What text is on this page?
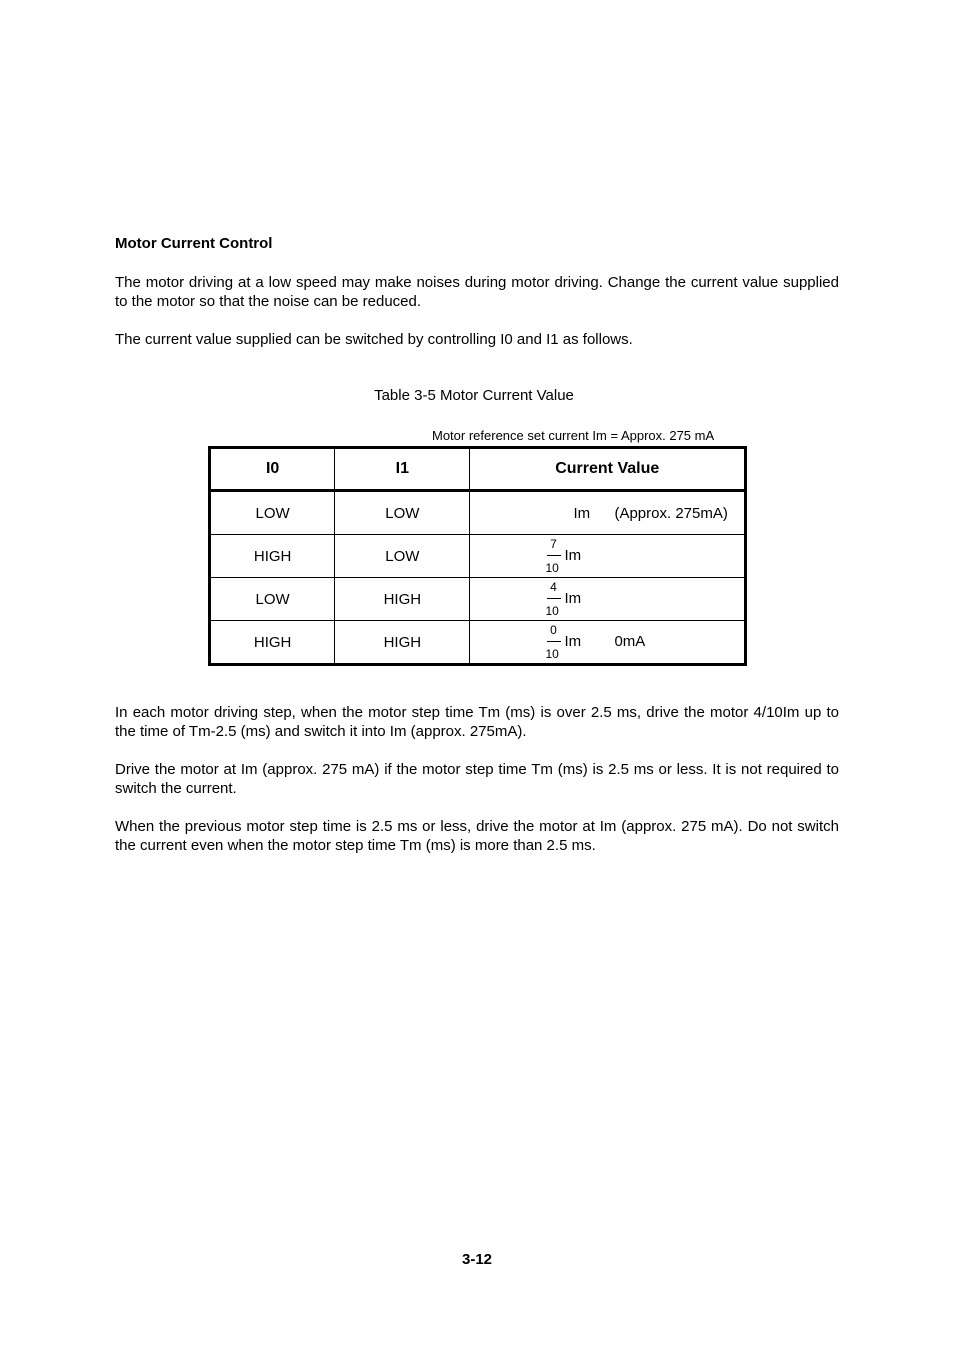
Motor Current Control
The motor driving at a low speed may make noises during motor driving. Change the current value supplied to the motor so that the noise can be reduced.
The current value supplied can be switched by controlling I0 and I1 as follows.
Table 3-5 Motor Current Value
Motor reference set current Im = Approx. 275 mA
I0	I1	Current Value
LOW	LOW	Im (Approx. 275mA)

HIGH	LOW	7
10
Im

LOW	HIGH	4
10
Im

HIGH	HIGH	0
10
Im 0mA
In each motor driving step, when the motor step time Tm (ms) is over 2.5 ms, drive the motor 4/10Im up to the time of Tm-2.5 (ms) and switch it into Im (approx. 275mA).
Drive the motor at Im (approx. 275 mA) if the motor step time Tm (ms) is 2.5 ms or less. It is not required to switch the current.
When the previous motor step time is 2.5 ms or less, drive the motor at Im (approx. 275 mA). Do not switch the current even when the motor step time Tm (ms) is more than 2.5 ms.
3-12
